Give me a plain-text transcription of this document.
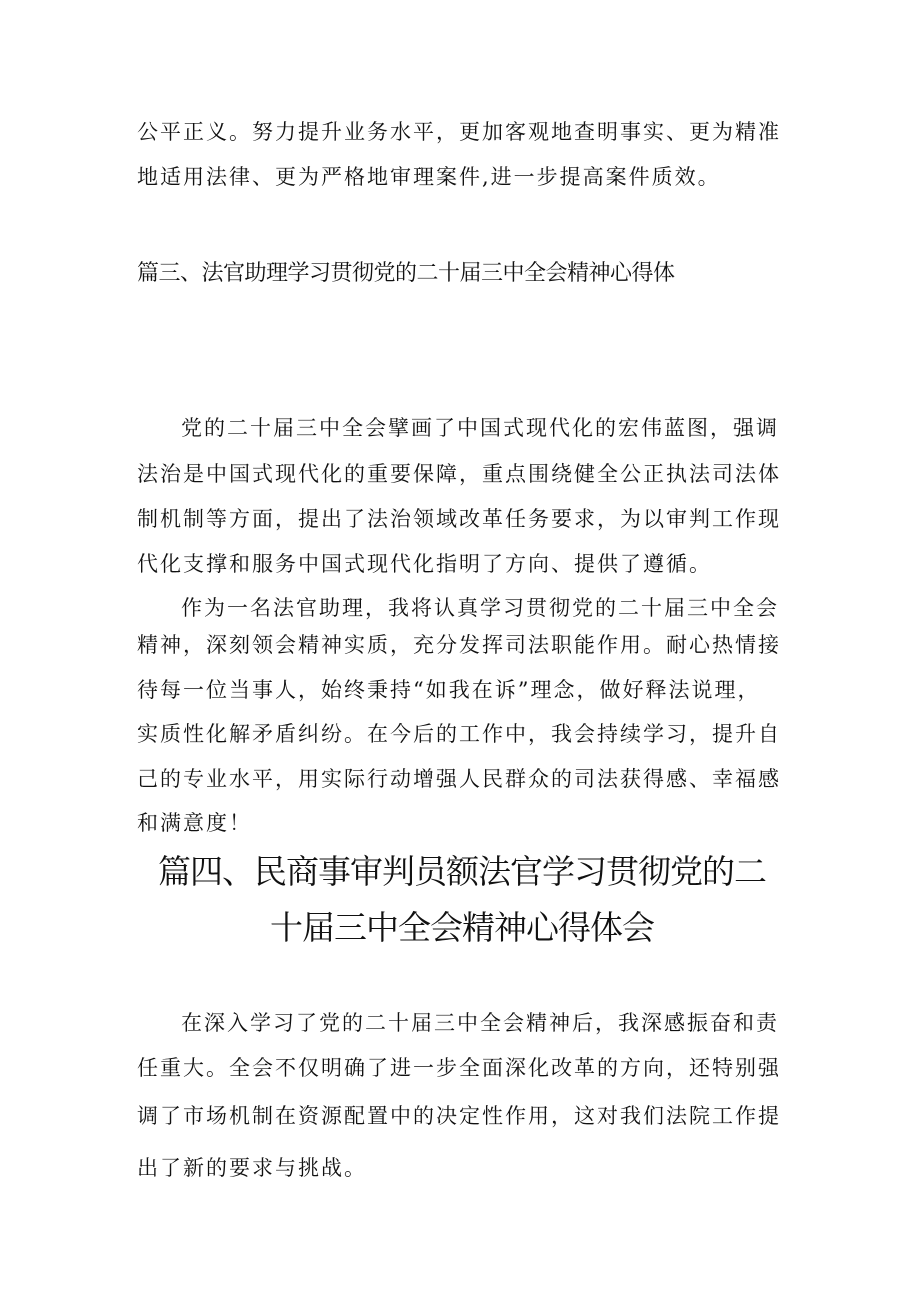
公平正义。努力提升业务水平，更加客观地查明事实、更为精准
地适用法律、更为严格地审理案件,进一步提高案件质效。
篇三、法官助理学习贯彻党的二十届三中全会精神心得体
党的二十届三中全会擘画了中国式现代化的宏伟蓝图，强调
法治是中国式现代化的重要保障，重点围绕健全公正执法司法体
制机制等方面，提出了法治领域改革任务要求，为以审判工作现
代化支撑和服务中国式现代化指明了方向、提供了遵循。
作为一名法官助理，我将认真学习贯彻党的二十届三中全会
精神，深刻领会精神实质，充分发挥司法职能作用。耐心热情接
待每一位当事人，始终秉持“如我在诉”理念，做好释法说理，
实质性化解矛盾纠纷。在今后的工作中，我会持续学习，提升自
己的专业水平，用实际行动增强人民群众的司法获得感、幸福感
和满意度！
篇四、民商事审判员额法官学习贯彻党的二
十届三中全会精神心得体会
在深入学习了党的二十届三中全会精神后，我深感振奋和责
任重大。全会不仅明确了进一步全面深化改革的方向，还特别强
调了市场机制在资源配置中的决定性作用，这对我们法院工作提
出了新的要求与挑战。
